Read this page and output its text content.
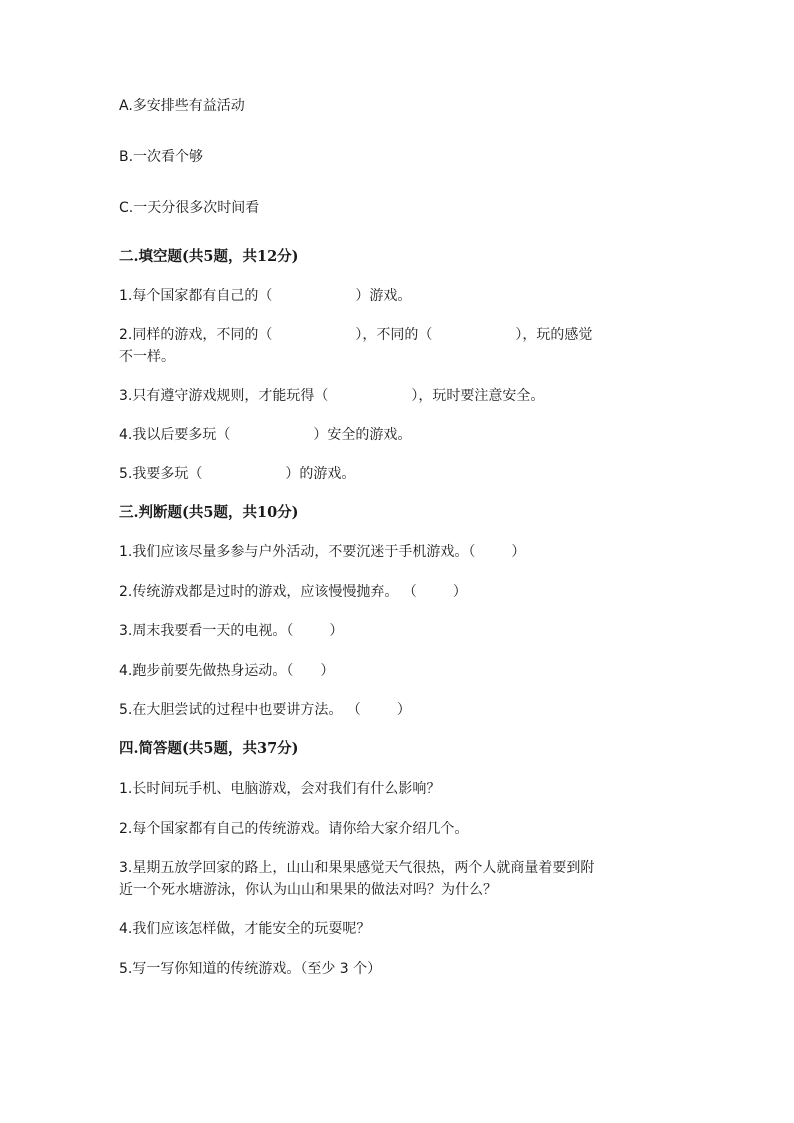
A.多安排些有益活动
B.一次看个够
C.一天分很多次时间看
二.填空题(共5题，共12分)
1.每个国家都有自己的（	）游戏。
2.同样的游戏，不同的（	），不同的（	），玩的感觉
不一样。
3.只有遵守游戏规则，才能玩得（	），玩时要注意安全。
4.我以后要多玩（	）安全的游戏。
5.我要多玩（	）的游戏。
三.判断题(共5题，共10分)
1.我们应该尽量多参与户外活动，不要沉迷于手机游戏。（	）
2.传统游戏都是过时的游戏，应该慢慢抛弃。 （	）
3.周末我要看一天的电视。（	）
4.跑步前要先做热身运动。（ ）
5.在大胆尝试的过程中也要讲方法。 （	）
四.简答题(共5题，共37分)
1.长时间玩手机、电脑游戏，会对我们有什么影响？
2.每个国家都有自己的传统游戏。请你给大家介绍几个。
3.星期五放学回家的路上，山山和果果感觉天气很热，两个人就商量着要到附
近一个死水塘游泳，你认为山山和果果的做法对吗？为什么？
4.我们应该怎样做，才能安全的玩耍呢？
5.写一写你知道的传统游戏。（至少 3 个）
